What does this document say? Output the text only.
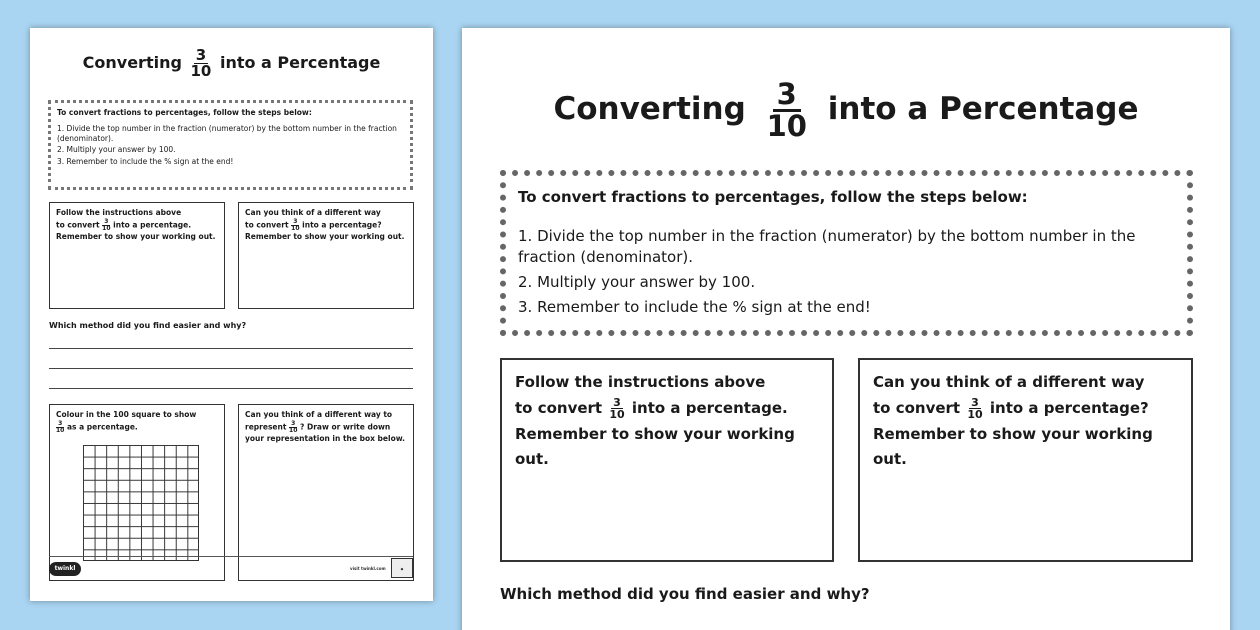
Converting $\frac{3}{10}$ into a Percentage

To convert fractions to percentages, follow the steps below:

1. Divide the top number in the fraction (numerator) by the bottom number in the fraction (denominator).

2. Multiply your answer by 100.

3. Remember to include the % sign at the end!

Follow the instructions above
to convert $\frac{3}{10}$ into a percentage.
Remember to show your working out.
Can you think of a different way
to convert $\frac{3}{10}$ into a percentage?
Remember to show your working out.
Which method did you find easier and why?
Colour in the 100 square to show
$\frac{3}{10}$ as a percentage.
Can you think of a different way to
represent $\frac{3}{10}$ ? Draw or write down
your representation in the box below.
twinkl	visit twinkl.com	◆
Converting $\frac{3}{10}$ into a Percentage

To convert fractions to percentages, follow the steps below:

1. Divide the top number in the fraction (numerator) by the bottom number in the fraction (denominator).

2. Multiply your answer by 100.

3. Remember to include the % sign at the end!

Follow the instructions above
to convert $\frac{3}{10}$ into a percentage.
Remember to show your working out.
Can you think of a different way
to convert $\frac{3}{10}$ into a percentage?
Remember to show your working out.
Which method did you find easier and why?
